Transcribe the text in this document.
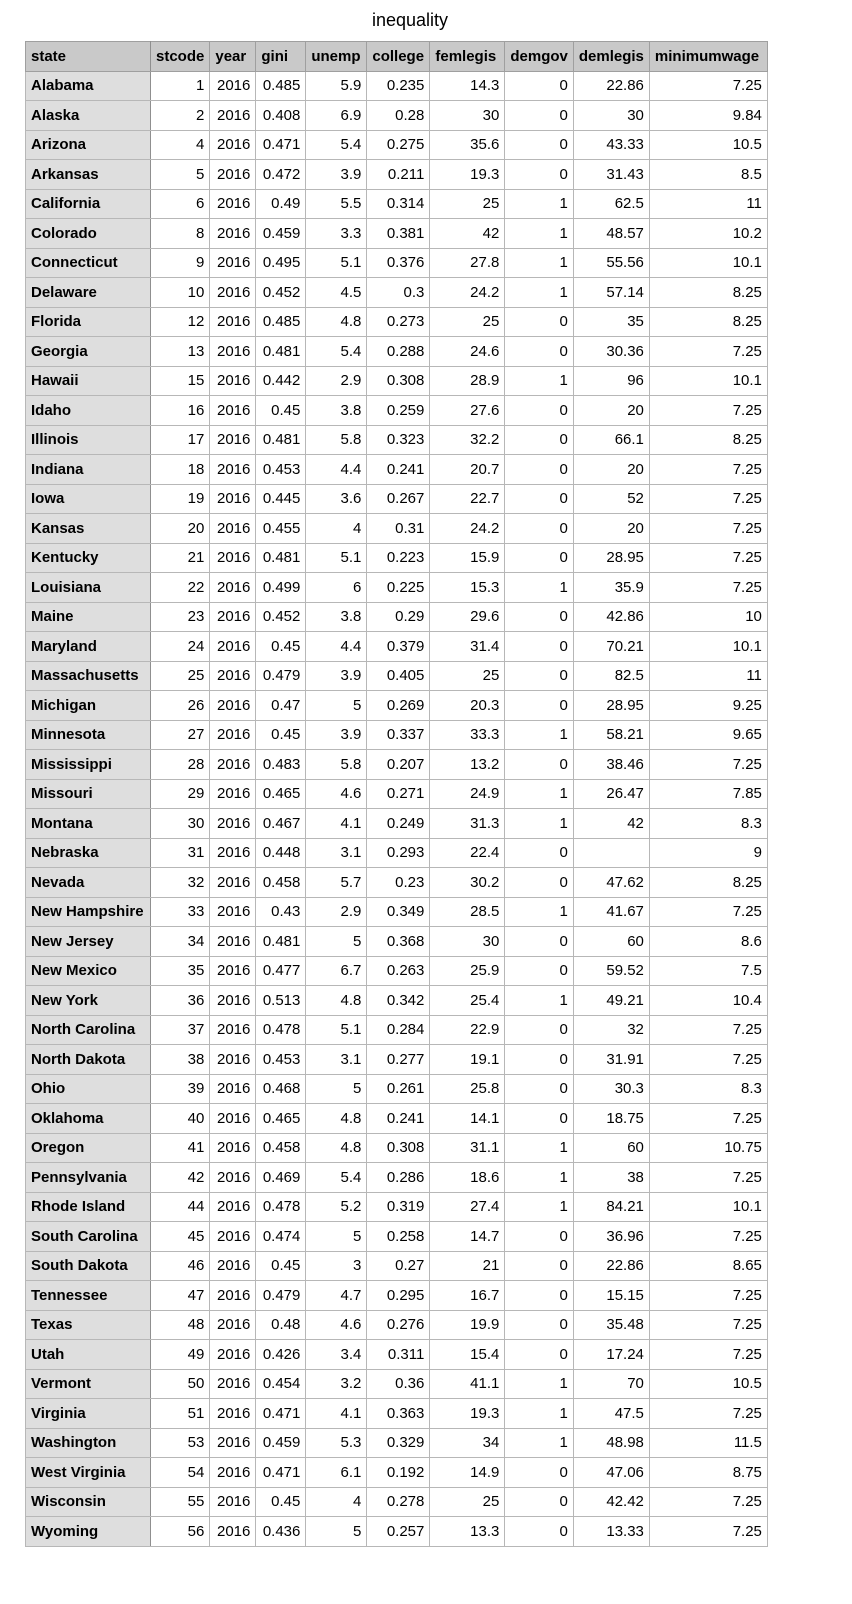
inequality
state	stcode	year	gini	unemp	college	femlegis	demgov	demlegis	minimumwage
Alabama	1	2016	0.485	5.9	0.235	14.3	0	22.86	7.25
Alaska	2	2016	0.408	6.9	0.28	30	0	30	9.84
Arizona	4	2016	0.471	5.4	0.275	35.6	0	43.33	10.5
Arkansas	5	2016	0.472	3.9	0.211	19.3	0	31.43	8.5
California	6	2016	0.49	5.5	0.314	25	1	62.5	11
Colorado	8	2016	0.459	3.3	0.381	42	1	48.57	10.2
Connecticut	9	2016	0.495	5.1	0.376	27.8	1	55.56	10.1
Delaware	10	2016	0.452	4.5	0.3	24.2	1	57.14	8.25
Florida	12	2016	0.485	4.8	0.273	25	0	35	8.25
Georgia	13	2016	0.481	5.4	0.288	24.6	0	30.36	7.25
Hawaii	15	2016	0.442	2.9	0.308	28.9	1	96	10.1
Idaho	16	2016	0.45	3.8	0.259	27.6	0	20	7.25
Illinois	17	2016	0.481	5.8	0.323	32.2	0	66.1	8.25
Indiana	18	2016	0.453	4.4	0.241	20.7	0	20	7.25
Iowa	19	2016	0.445	3.6	0.267	22.7	0	52	7.25
Kansas	20	2016	0.455	4	0.31	24.2	0	20	7.25
Kentucky	21	2016	0.481	5.1	0.223	15.9	0	28.95	7.25
Louisiana	22	2016	0.499	6	0.225	15.3	1	35.9	7.25
Maine	23	2016	0.452	3.8	0.29	29.6	0	42.86	10
Maryland	24	2016	0.45	4.4	0.379	31.4	0	70.21	10.1
Massachusetts	25	2016	0.479	3.9	0.405	25	0	82.5	11
Michigan	26	2016	0.47	5	0.269	20.3	0	28.95	9.25
Minnesota	27	2016	0.45	3.9	0.337	33.3	1	58.21	9.65
Mississippi	28	2016	0.483	5.8	0.207	13.2	0	38.46	7.25
Missouri	29	2016	0.465	4.6	0.271	24.9	1	26.47	7.85
Montana	30	2016	0.467	4.1	0.249	31.3	1	42	8.3
Nebraska	31	2016	0.448	3.1	0.293	22.4	0		9
Nevada	32	2016	0.458	5.7	0.23	30.2	0	47.62	8.25
New Hampshire	33	2016	0.43	2.9	0.349	28.5	1	41.67	7.25
New Jersey	34	2016	0.481	5	0.368	30	0	60	8.6
New Mexico	35	2016	0.477	6.7	0.263	25.9	0	59.52	7.5
New York	36	2016	0.513	4.8	0.342	25.4	1	49.21	10.4
North Carolina	37	2016	0.478	5.1	0.284	22.9	0	32	7.25
North Dakota	38	2016	0.453	3.1	0.277	19.1	0	31.91	7.25
Ohio	39	2016	0.468	5	0.261	25.8	0	30.3	8.3
Oklahoma	40	2016	0.465	4.8	0.241	14.1	0	18.75	7.25
Oregon	41	2016	0.458	4.8	0.308	31.1	1	60	10.75
Pennsylvania	42	2016	0.469	5.4	0.286	18.6	1	38	7.25
Rhode Island	44	2016	0.478	5.2	0.319	27.4	1	84.21	10.1
South Carolina	45	2016	0.474	5	0.258	14.7	0	36.96	7.25
South Dakota	46	2016	0.45	3	0.27	21	0	22.86	8.65
Tennessee	47	2016	0.479	4.7	0.295	16.7	0	15.15	7.25
Texas	48	2016	0.48	4.6	0.276	19.9	0	35.48	7.25
Utah	49	2016	0.426	3.4	0.311	15.4	0	17.24	7.25
Vermont	50	2016	0.454	3.2	0.36	41.1	1	70	10.5
Virginia	51	2016	0.471	4.1	0.363	19.3	1	47.5	7.25
Washington	53	2016	0.459	5.3	0.329	34	1	48.98	11.5
West Virginia	54	2016	0.471	6.1	0.192	14.9	0	47.06	8.75
Wisconsin	55	2016	0.45	4	0.278	25	0	42.42	7.25
Wyoming	56	2016	0.436	5	0.257	13.3	0	13.33	7.25
